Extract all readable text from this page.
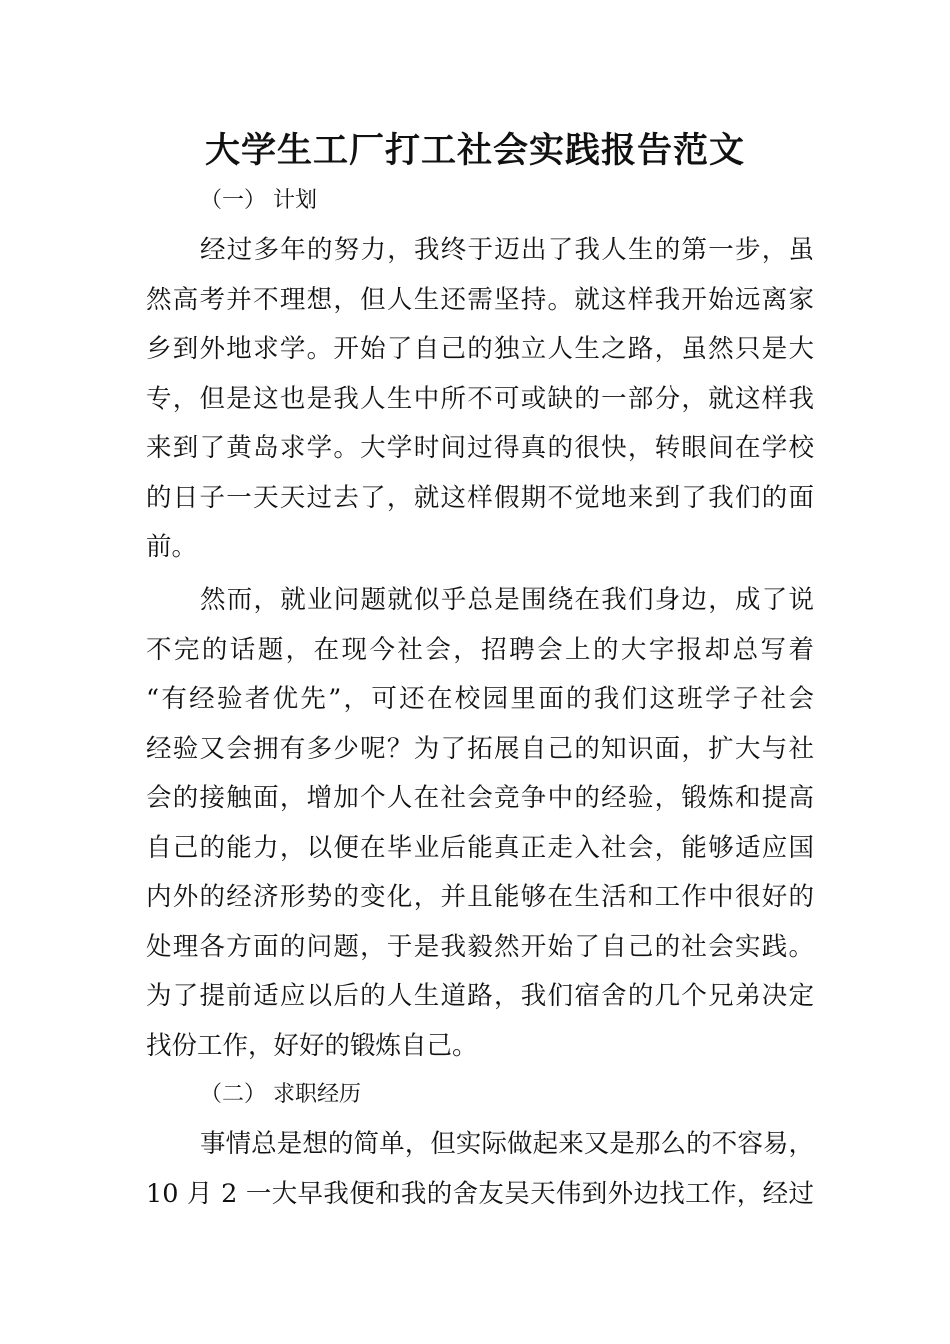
大学生工厂打工社会实践报告范文
（一） 计划
经过多年的努力，我终于迈出了我人生的第一步，虽
然高考并不理想，但人生还需坚持。就这样我开始远离家
乡到外地求学。开始了自己的独立人生之路，虽然只是大
专，但是这也是我人生中所不可或缺的一部分，就这样我
来到了黄岛求学。大学时间过得真的很快，转眼间在学校
的日子一天天过去了，就这样假期不觉地来到了我们的面
前。
然而，就业问题就似乎总是围绕在我们身边，成了说
不完的话题，在现今社会，招聘会上的大字报却总写着
“有经验者优先”，可还在校园里面的我们这班学子社会
经验又会拥有多少呢？为了拓展自己的知识面，扩大与社
会的接触面，增加个人在社会竞争中的经验，锻炼和提高
自己的能力，以便在毕业后能真正走入社会，能够适应国
内外的经济形势的变化，并且能够在生活和工作中很好的
处理各方面的问题，于是我毅然开始了自己的社会实践。
为了提前适应以后的人生道路，我们宿舍的几个兄弟决定
找份工作，好好的锻炼自己。
（二） 求职经历
事情总是想的简单，但实际做起来又是那么的不容易，
10 月 2 一大早我便和我的舍友吴天伟到外边找工作，经过
